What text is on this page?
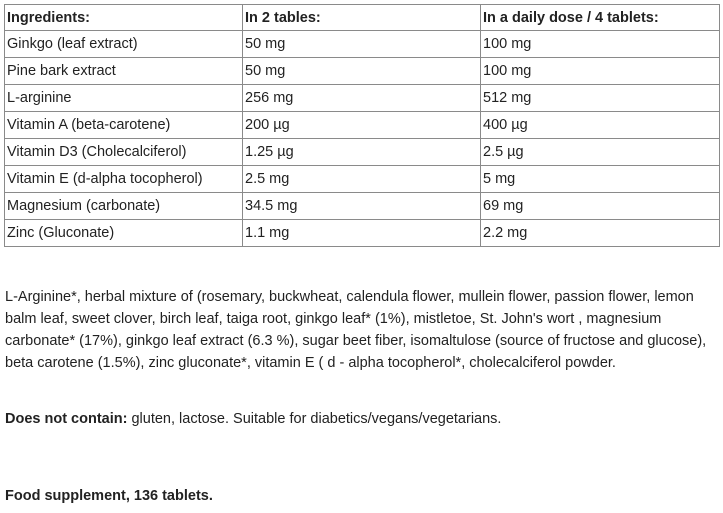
Ingredients:	In 2 tables:	In a daily dose / 4 tablets:
Ginkgo (leaf extract)	50 mg	100 mg
Pine bark extract	50 mg	100 mg
L-arginine	256 mg	512 mg
Vitamin A (beta-carotene)	200 µg	400 µg
Vitamin D3 (Cholecalciferol)	1.25 µg	2.5 µg
Vitamin E (d-alpha tocopherol)	2.5 mg	5 mg
Magnesium (carbonate)	34.5 mg	69 mg
Zinc (Gluconate)	1.1 mg	2.2 mg

L-Arginine*, herbal mixture of (rosemary, buckwheat, calendula flower, mullein flower, passion flower, lemon balm leaf, sweet clover, birch leaf, taiga root, ginkgo leaf* (1%), mistletoe, St. John's wort , magnesium carbonate* (17%), ginkgo leaf extract (6.3 %), sugar beet fiber, isomaltulose (source of fructose and glucose), beta carotene (1.5%), zinc gluconate*, vitamin E ( d - alpha tocopherol*, cholecalciferol powder.

Does not contain: gluten, lactose. Suitable for diabetics/vegans/vegetarians.

Food supplement, 136 tablets.
